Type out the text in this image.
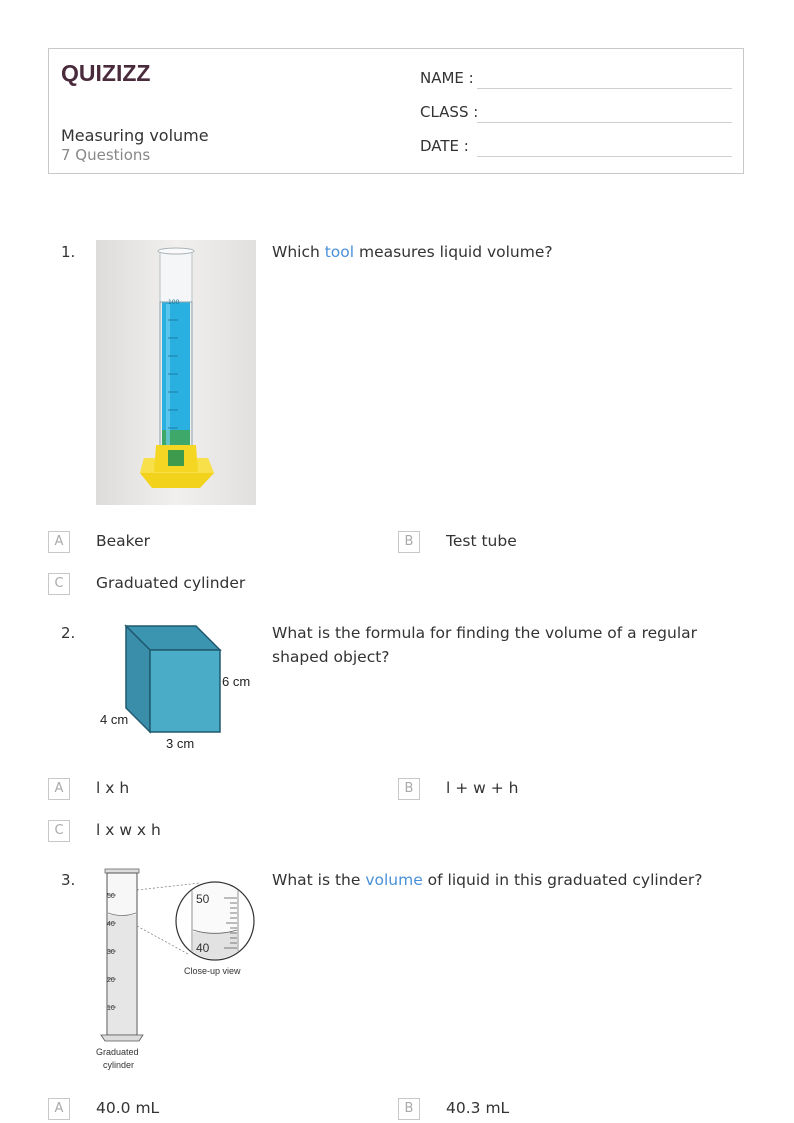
QUIZIZZ
Measuring volume
7 Questions
NAME :
CLASS :
DATE :
1.
100
Which tool measures liquid volume?
A	Beaker	B	Test tube
C	Graduated cylinder
2.
6 cm
4 cm
3 cm
What is the formula for finding the volume of a regular shaped object?
A	l x h	B	l + w + h
C	l x w x h
3.
50
40
30
20
10
Graduated
cylinder
50
40
Close-up view
What is the volume of liquid in this graduated cylinder?
A	40.0 mL	B	40.3 mL
